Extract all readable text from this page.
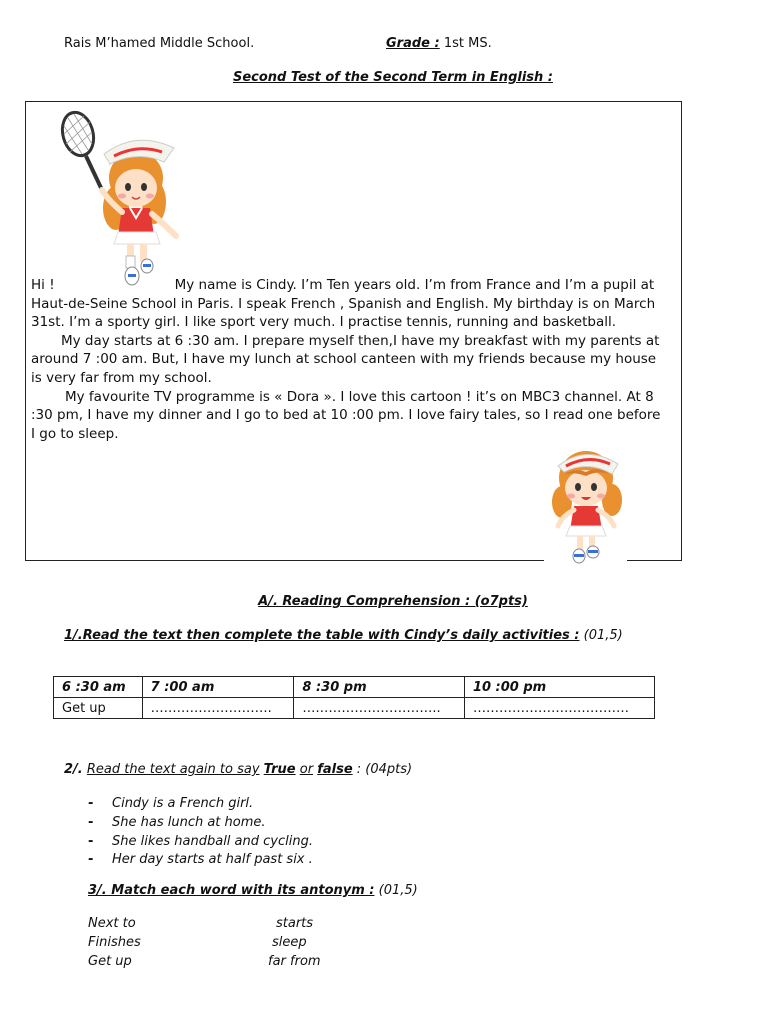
Rais M’hamed Middle School.	Grade : 1st MS.
Second Test of the Second Term in English :

Hi !	My name is Cindy. I’m Ten years old. I’m from France and I’m a pupil at Haut-de-Seine School in Paris. I speak French , Spanish and English. My birthday is on March 31st. I’m a sporty girl. I like sport very much. I practise tennis, running and basketball.

My day starts at 6 :30 am. I prepare myself then,I have my breakfast with my parents at around 7 :00 am. But, I have my lunch at school canteen with my friends because my house is very far from my school.

My favourite TV programme is « Dora ». I love this cartoon ! it’s on MBC3 channel. At 8 :30 pm, I have my dinner and I go to bed at 10 :00 pm. I love fairy tales, so I read one before I go to sleep.

A/. Reading Comprehension : (o7pts)
1/.Read the text then complete the table with Cindy’s daily activities : (01,5)
6 :30 am	7 :00 am	8 :30 pm	10 :00 pm
Get up	……………………….	…………………………..	………………………………
2/. Read the text again to say True or false : (04pts)
- Cindy is a French girl.
- She has lunch at home.
- She likes handball and cycling.
- Her day starts at half past six .
3/. Match each word with its antonym : (01,5)
Next to	starts
Finishes	sleep
Get up	far from
